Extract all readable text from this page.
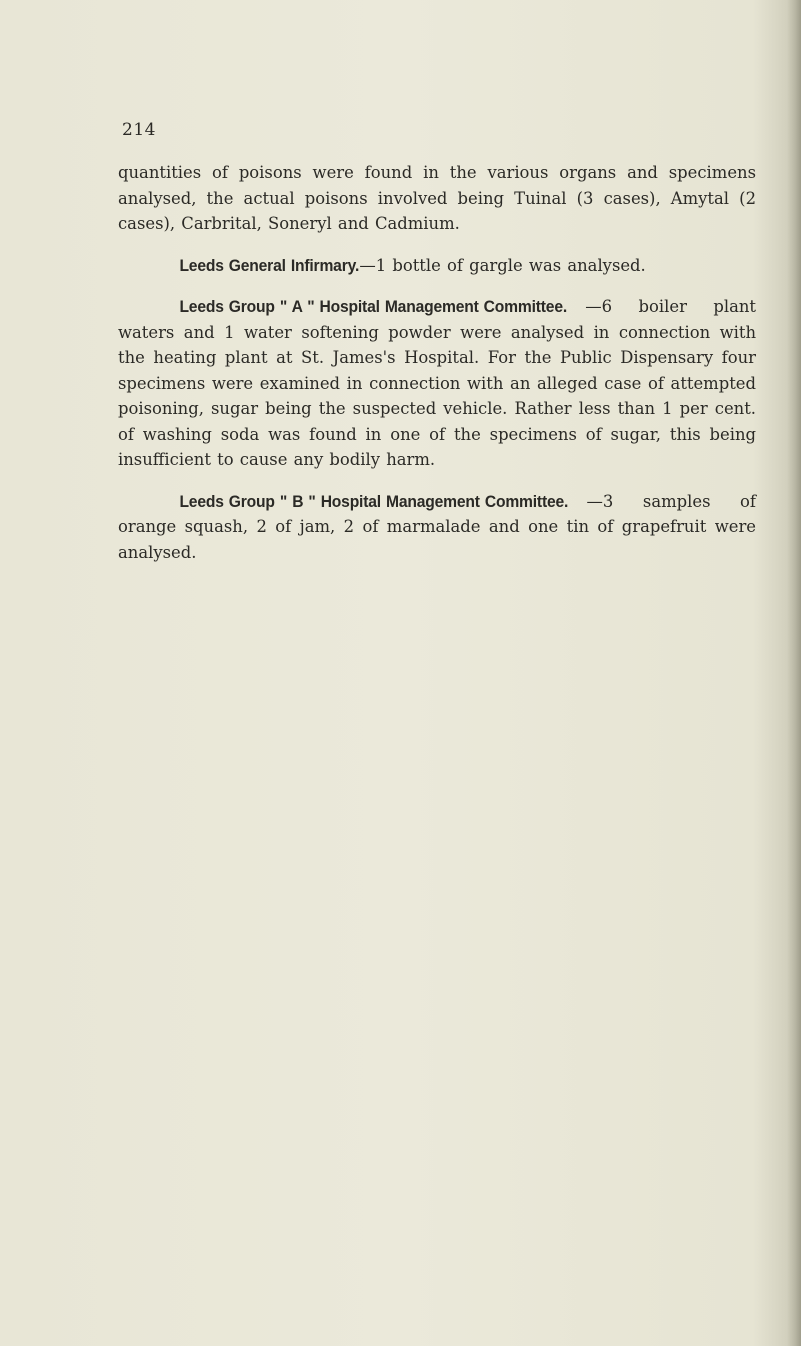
214

quantities of poisons were found in the various organs and specimens analysed, the actual poisons involved being Tuinal (3 cases), Amytal (2 cases), Carbrital, Soneryl and Cadmium.

Leeds General Infirmary.—1 bottle of gargle was analysed.

Leeds Group " A " Hospital Management Committee. —6 boiler plant waters and 1 water softening powder were analysed in connection with the heating plant at St. James's Hospital. For the Public Dispensary four specimens were examined in connection with an alleged case of attempted poisoning, sugar being the suspected vehicle. Rather less than 1 per cent. of washing soda was found in one of the specimens of sugar, this being insufficient to cause any bodily harm.

Leeds Group " B " Hospital Management Committee. —3 samples of orange squash, 2 of jam, 2 of marmalade and one tin of grapefruit were analysed.
